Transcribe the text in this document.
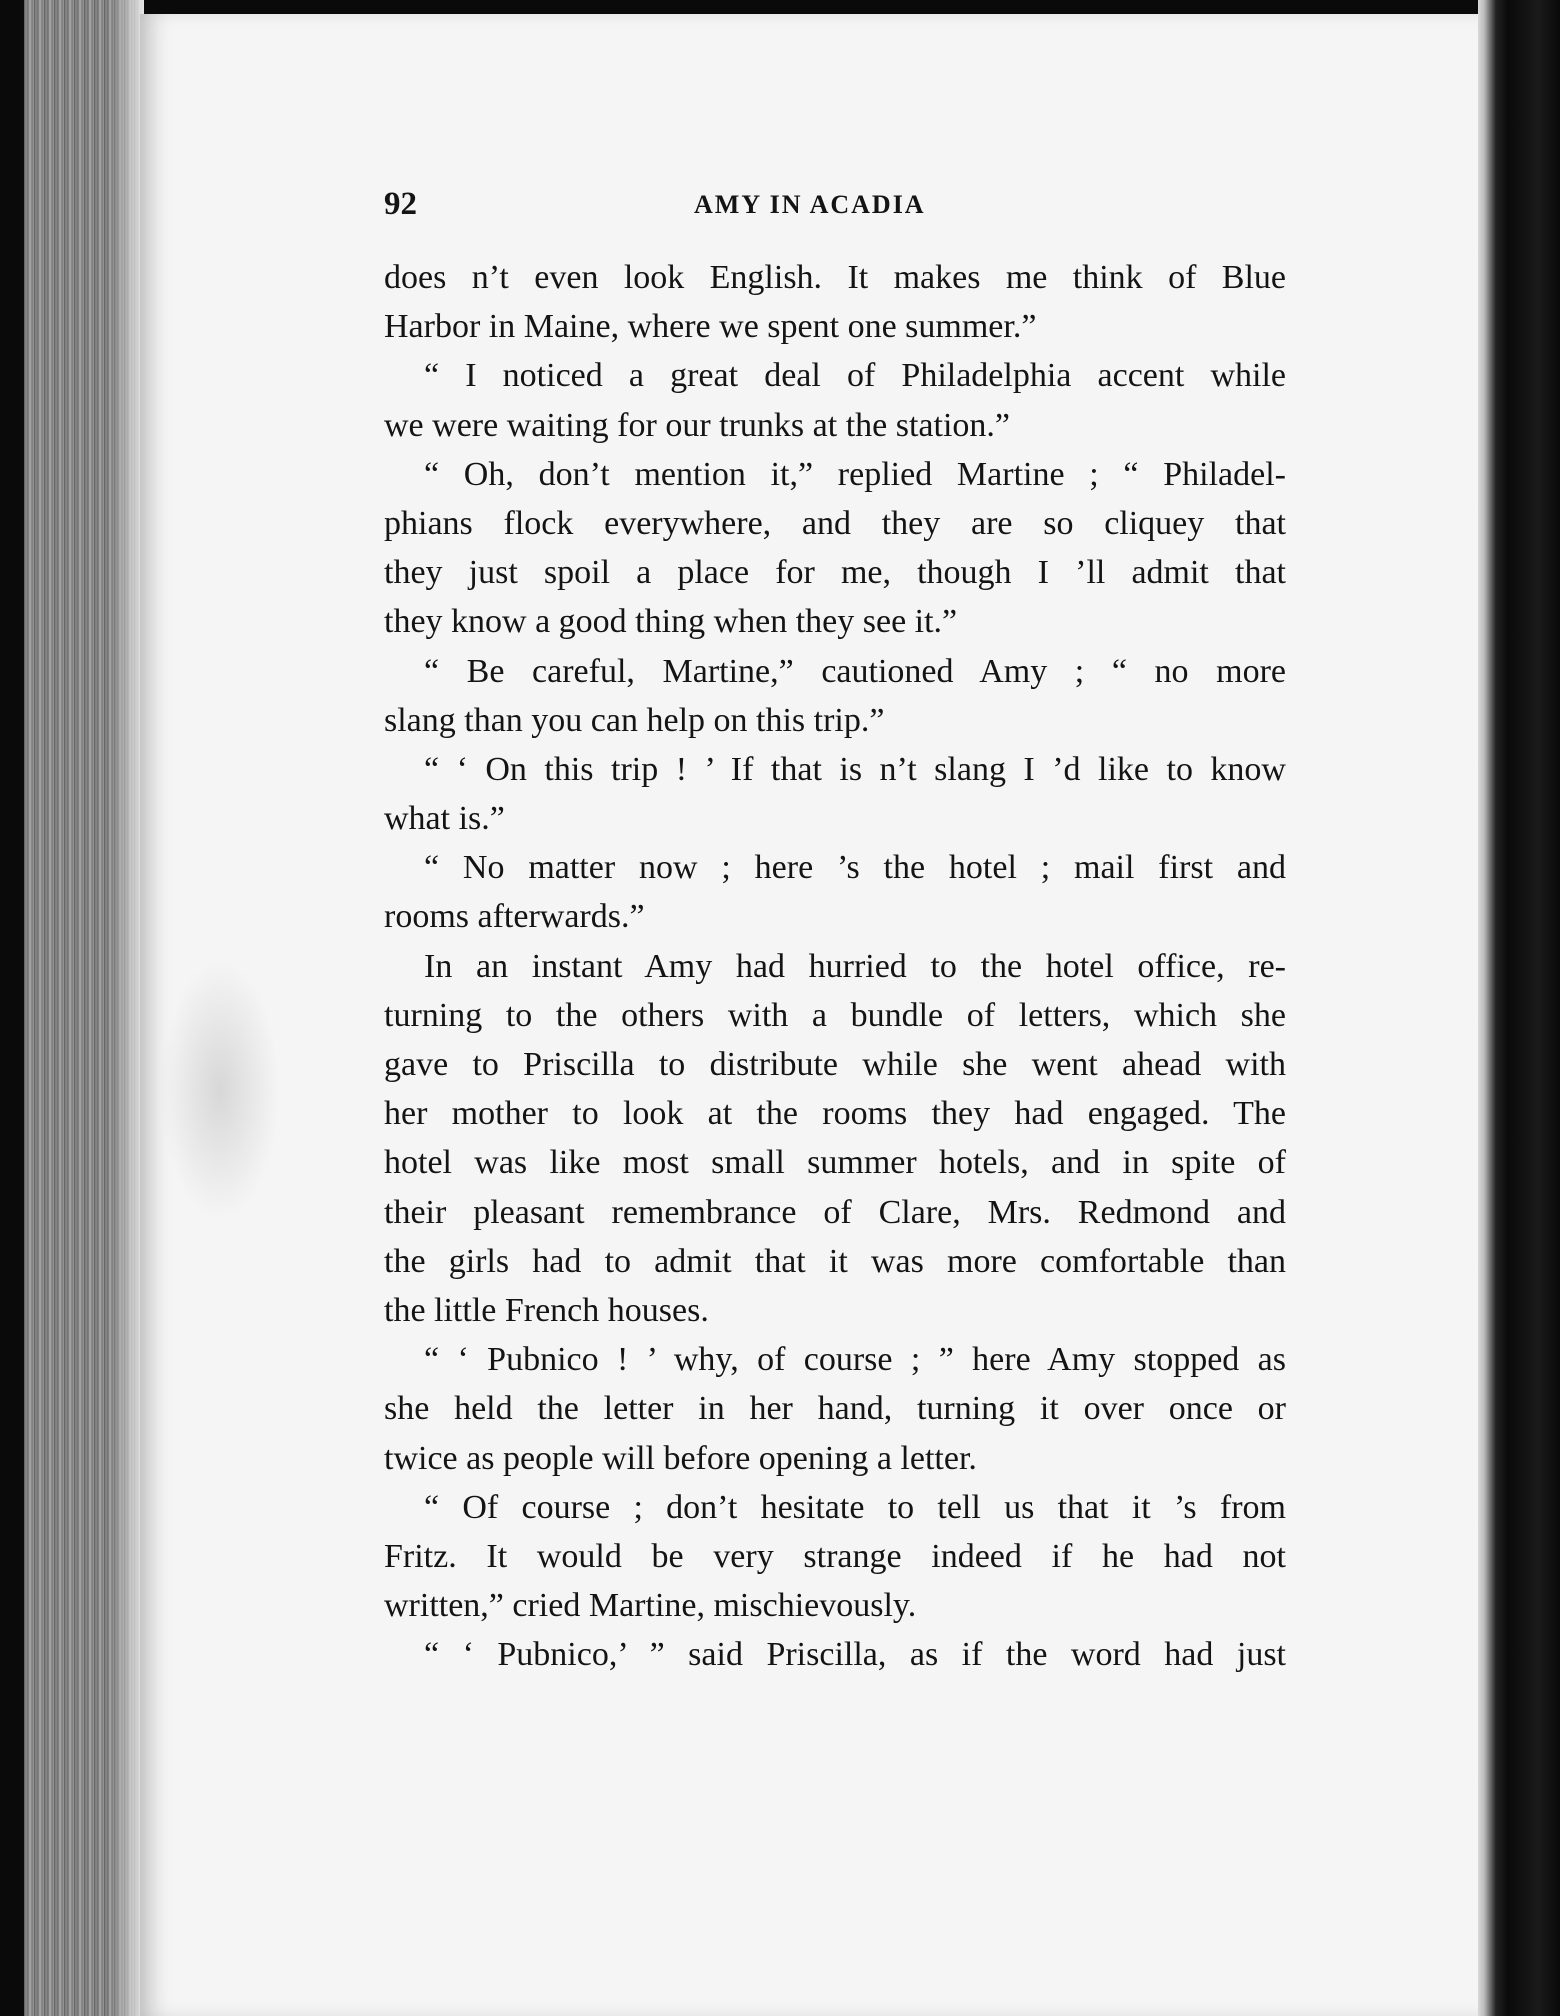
92	AMY IN ACADIA
does n’t even look English. It makes me think of Blue
Harbor in Maine, where we spent one summer.”
“ I noticed a great deal of Philadelphia accent while
we were waiting for our trunks at the station.”
“ Oh, don’t mention it,” replied Martine ; “ Philadel-
phians flock everywhere, and they are so cliquey that
they just spoil a place for me, though I ’ll admit that
they know a good thing when they see it.”
“ Be careful, Martine,” cautioned Amy ; “ no more
slang than you can help on this trip.”
“ ‘ On this trip ! ’ If that is n’t slang I ’d like to know
what is.”
“ No matter now ; here ’s the hotel ; mail first and
rooms afterwards.”
In an instant Amy had hurried to the hotel office, re-
turning to the others with a bundle of letters, which she
gave to Priscilla to distribute while she went ahead with
her mother to look at the rooms they had engaged. The
hotel was like most small summer hotels, and in spite of
their pleasant remembrance of Clare, Mrs. Redmond and
the girls had to admit that it was more comfortable than
the little French houses.
“ ‘ Pubnico ! ’ why, of course ; ” here Amy stopped as
she held the letter in her hand, turning it over once or
twice as people will before opening a letter.
“ Of course ; don’t hesitate to tell us that it ’s from
Fritz. It would be very strange indeed if he had not
written,” cried Martine, mischievously.
“ ‘ Pubnico,’ ” said Priscilla, as if the word had just
